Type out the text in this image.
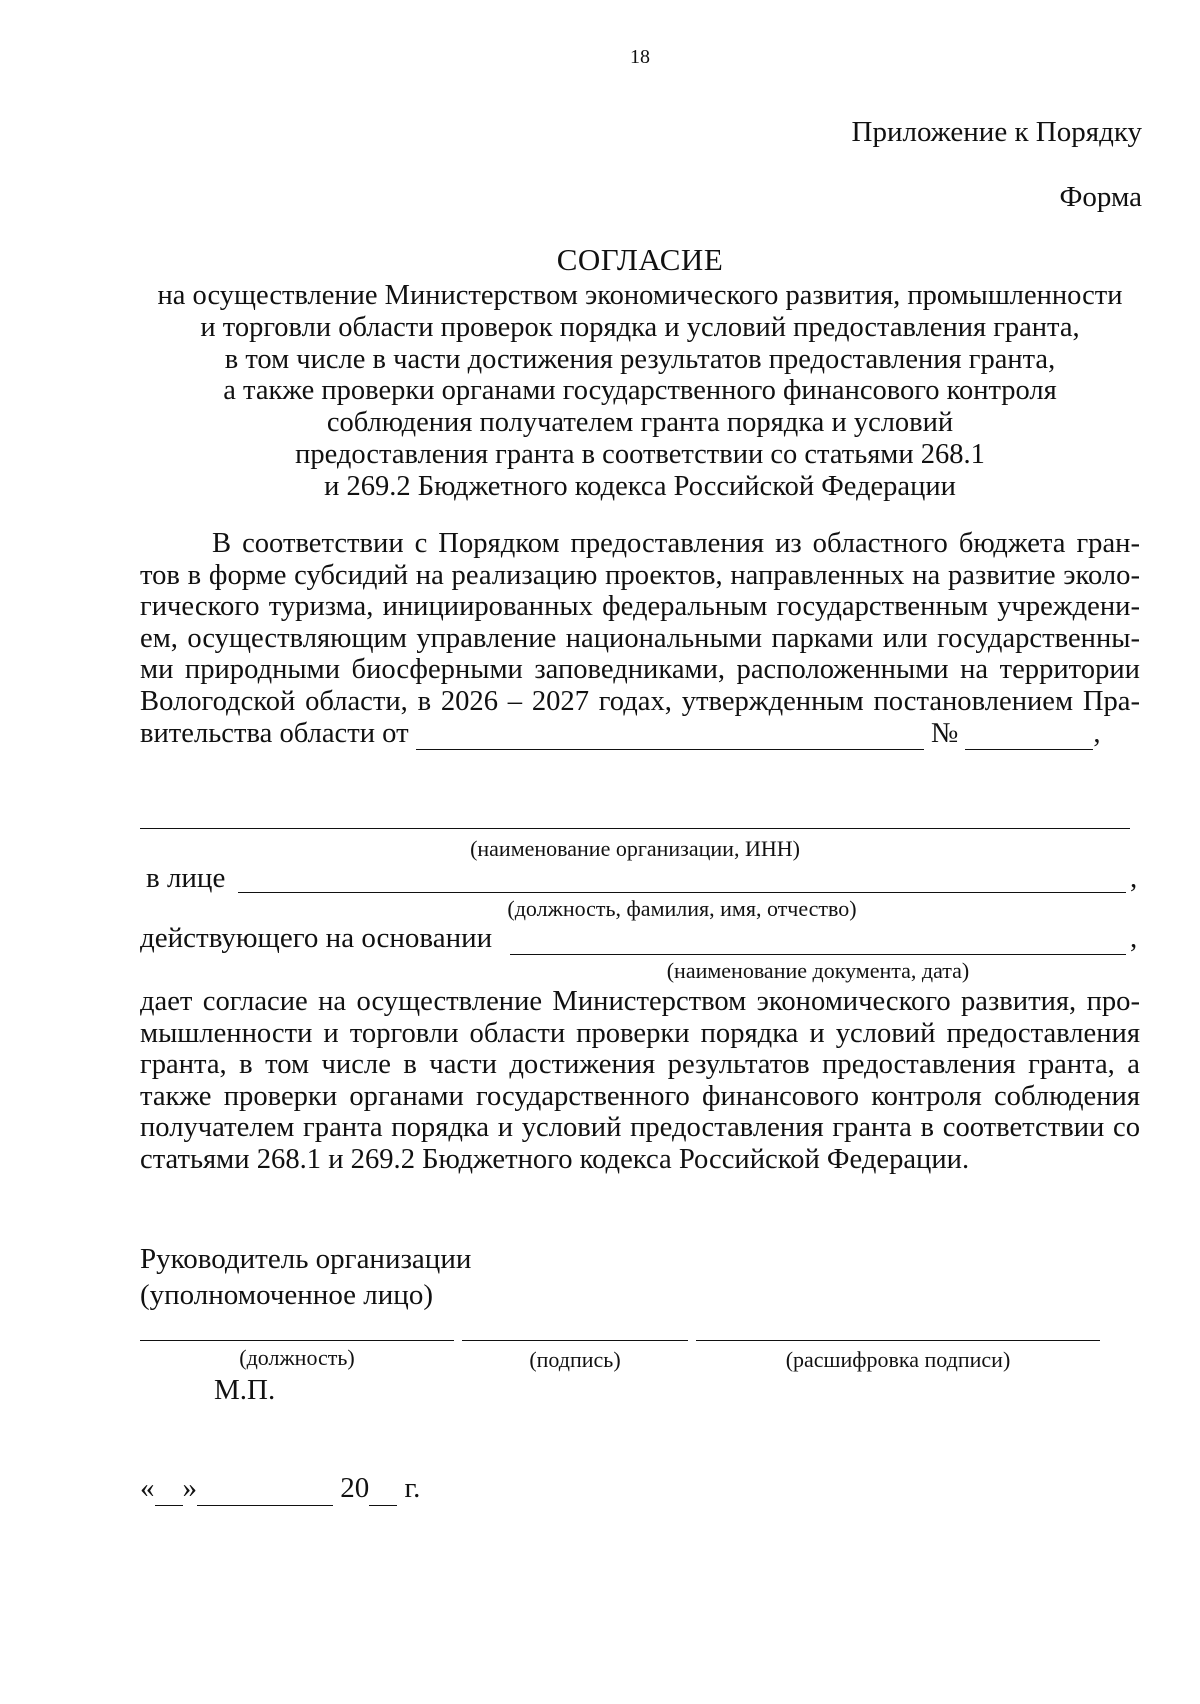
18
Приложение к Порядку
Форма
СОГЛАСИЕ
на осуществление Министерством экономического развития, промышленности
и торговли области проверок порядка и условий предоставления гранта,
в том числе в части достижения результатов предоставления гранта,
а также проверки органами государственного финансового контроля
соблюдения получателем гранта порядка и условий
предоставления гранта в соответствии со статьями 268.1
и 269.2 Бюджетного кодекса Российской Федерации
В соответствии с Порядком предоставления из областного бюджета гран-
тов в форме субсидий на реализацию проектов, направленных на развитие эколо-
гического туризма, инициированных федеральным государственным учреждени-
ем, осуществляющим управление национальными парками или государственны-
ми природными биосферными заповедниками, расположенными на территории
Вологодской области, в 2026 – 2027 годах, утвержденным постановлением Пра-
вительства области от	№	,
(наименование организации, ИНН)
в лице	,
(должность, фамилия, имя, отчество)
действующего на основании	,
(наименование документа, дата)
дает согласие на осуществление Министерством экономического развития, про-
мышленности и торговли области проверки порядка и условий предоставления
гранта, в том числе в части достижения результатов предоставления гранта, а
также проверки органами государственного финансового контроля соблюдения
получателем гранта порядка и условий предоставления гранта в соответствии со
статьями 268.1 и 269.2 Бюджетного кодекса Российской Федерации.
Руководитель организации
(уполномоченное лицо)
(должность)	(подпись)	(расшифровка подписи)
М.П.
« »	20 г.
